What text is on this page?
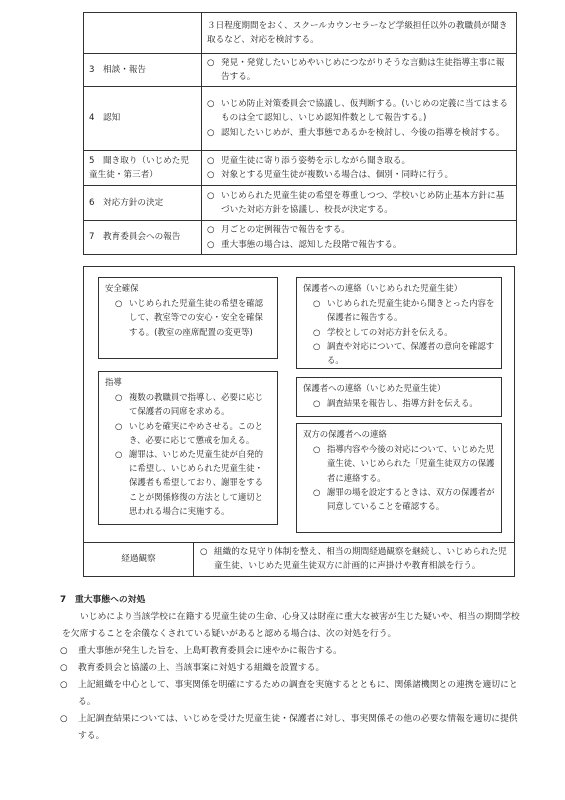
	３日程度期間をおく、スクールカウンセラーなど学級担任以外の教職員が聞き取るなど、対応を検討する。

3　相談・報告	○ 発見・発覚したいじめやいじめにつながりそうな言動は生徒指導主事に報告する。

4　認知	○ いじめ防止対策委員会で協議し、仮判断する。(いじめの定義に当てはまるものは全て認知し、いじめ認知件数として報告する。)
○ 認知したいじめが、重大事態であるかを検討し、今後の指導を検討する。

5　聞き取り（いじめた児童生徒・第三者）	○ 児童生徒に寄り添う姿勢を示しながら聞き取る。
○ 対象とする児童生徒が複数いる場合は、個別・同時に行う。

6　対応方針の決定	○ いじめられた児童生徒の希望を尊重しつつ、学校いじめ防止基本方針に基づいた対応方針を協議し、校長が決定する。

7　教育委員会への報告	○ 月ごとの定例報告で報告をする。
○ 重大事態の場合は、認知した段階で報告する。
安全確保
○ いじめられた児童生徒の希望を確認して、教室等での安心・安全を確保する。(教室の座席配置の変更等)
指導
○ 複数の教職員で指導し、必要に応じて保護者の同席を求める。
○ いじめを確実にやめさせる。このとき、必要に応じて懲戒を加える。
○ 謝罪は、いじめた児童生徒が自発的に希望し、いじめられた児童生徒・保護者も希望しており、謝罪をすることが関係修復の方法として適切と思われる場合に実施する。
保護者への連絡（いじめられた児童生徒）
○ いじめられた児童生徒から聞きとった内容を保護者に報告する。
○ 学校としての対応方針を伝える。
○ 調査や対応について、保護者の意向を確認する。
保護者への連絡（いじめた児童生徒）
○ 調査結果を報告し、指導方針を伝える。
双方の保護者への連絡
○ 指導内容や今後の対応について、いじめた児童生徒、いじめられた「児童生徒双方の保護者に連絡する。
○ 謝罪の場を設定するときは、双方の保護者が同意していることを確認する。
経過観察
○ 組織的な見守り体制を整え、相当の期間経過観察を継続し、いじめられた児童生徒、いじめた児童生徒双方に計画的に声掛けや教育相談を行う。
7　重大事態への対処
いじめにより当該学校に在籍する児童生徒の生命、心身又は財産に重大な被害が生じた疑いや、相当の期間学校を欠席することを余儀なくされている疑いがあると認める場合は、次の対処を行う。
○	重大事態が発生した旨を、上島町教育委員会に速やかに報告する。
○	教育委員会と協議の上、当該事案に対処する組織を設置する。
○	上記組織を中心として、事実関係を明確にするための調査を実施するとともに、関係諸機関との連携を適切にとる。
○	上記調査結果については、いじめを受けた児童生徒・保護者に対し、事実関係その他の必要な情報を適切に提供する。
